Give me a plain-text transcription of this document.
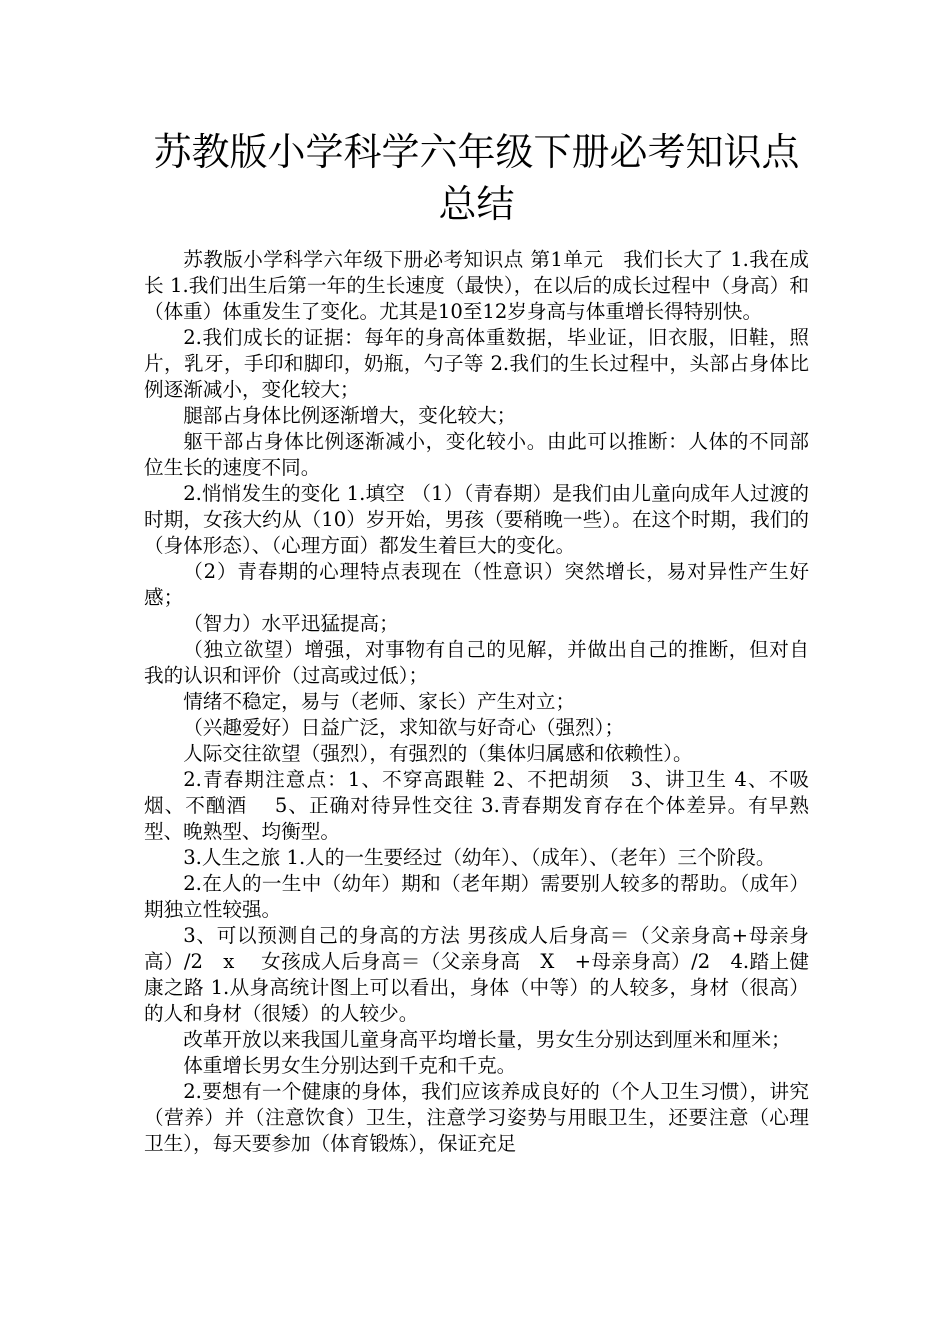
苏教版小学科学六年级下册必考知识点总结

苏教版小学科学六年级下册必考知识点 第1单元　我们长大了 1.我在成长 1.我们出生后第一年的生长速度（最快），在以后的成长过程中（身高）和（体重）体重发生了变化。尤其是10至12岁身高与体重增长得特别快。

2.我们成长的证据：每年的身高体重数据，毕业证，旧衣服，旧鞋，照片，乳牙，手印和脚印，奶瓶，勺子等 2.我们的生长过程中，头部占身体比例逐渐减小，变化较大；

腿部占身体比例逐渐增大，变化较大；

躯干部占身体比例逐渐减小，变化较小。由此可以推断：人体的不同部位生长的速度不同。

2.悄悄发生的变化 1.填空 （1）（青春期）是我们由儿童向成年人过渡的时期，女孩大约从（10）岁开始，男孩（要稍晚一些）。在这个时期，我们的（身体形态）、（心理方面）都发生着巨大的变化。

（2）青春期的心理特点表现在（性意识）突然增长，易对异性产生好感；

（智力）水平迅猛提高；

（独立欲望）增强，对事物有自己的见解，并做出自己的推断，但对自我的认识和评价（过高或过低）；

情绪不稳定，易与（老师、家长）产生对立；

（兴趣爱好）日益广泛，求知欲与好奇心（强烈）；

人际交往欲望（强烈），有强烈的（集体归属感和依赖性）。

2.青春期注意点：1、不穿高跟鞋 2、不把胡须　3、讲卫生 4、不吸烟、不酗酒　 5、正确对待异性交往 3.青春期发育存在个体差异。有早熟型、晚熟型、均衡型。

3.人生之旅 1.人的一生要经过（幼年）、（成年）、（老年）三个阶段。

2.在人的一生中（幼年）期和（老年期）需要别人较多的帮助。（成年）期独立性较强。

3、可以预测自己的身高的方法 男孩成人后身高＝（父亲身高+母亲身高）/2　x　 女孩成人后身高＝（父亲身高　X　+母亲身高）/2　4.踏上健康之路 1.从身高统计图上可以看出，身体（中等）的人较多，身材（很高）的人和身材（很矮）的人较少。

改革开放以来我国儿童身高平均增长量，男女生分别达到厘米和厘米；

体重增长男女生分别达到千克和千克。

2.要想有一个健康的身体，我们应该养成良好的（个人卫生习惯），讲究（营养）并（注意饮食）卫生，注意学习姿势与用眼卫生，还要注意（心理卫生），每天要参加（体育锻炼），保证充足
